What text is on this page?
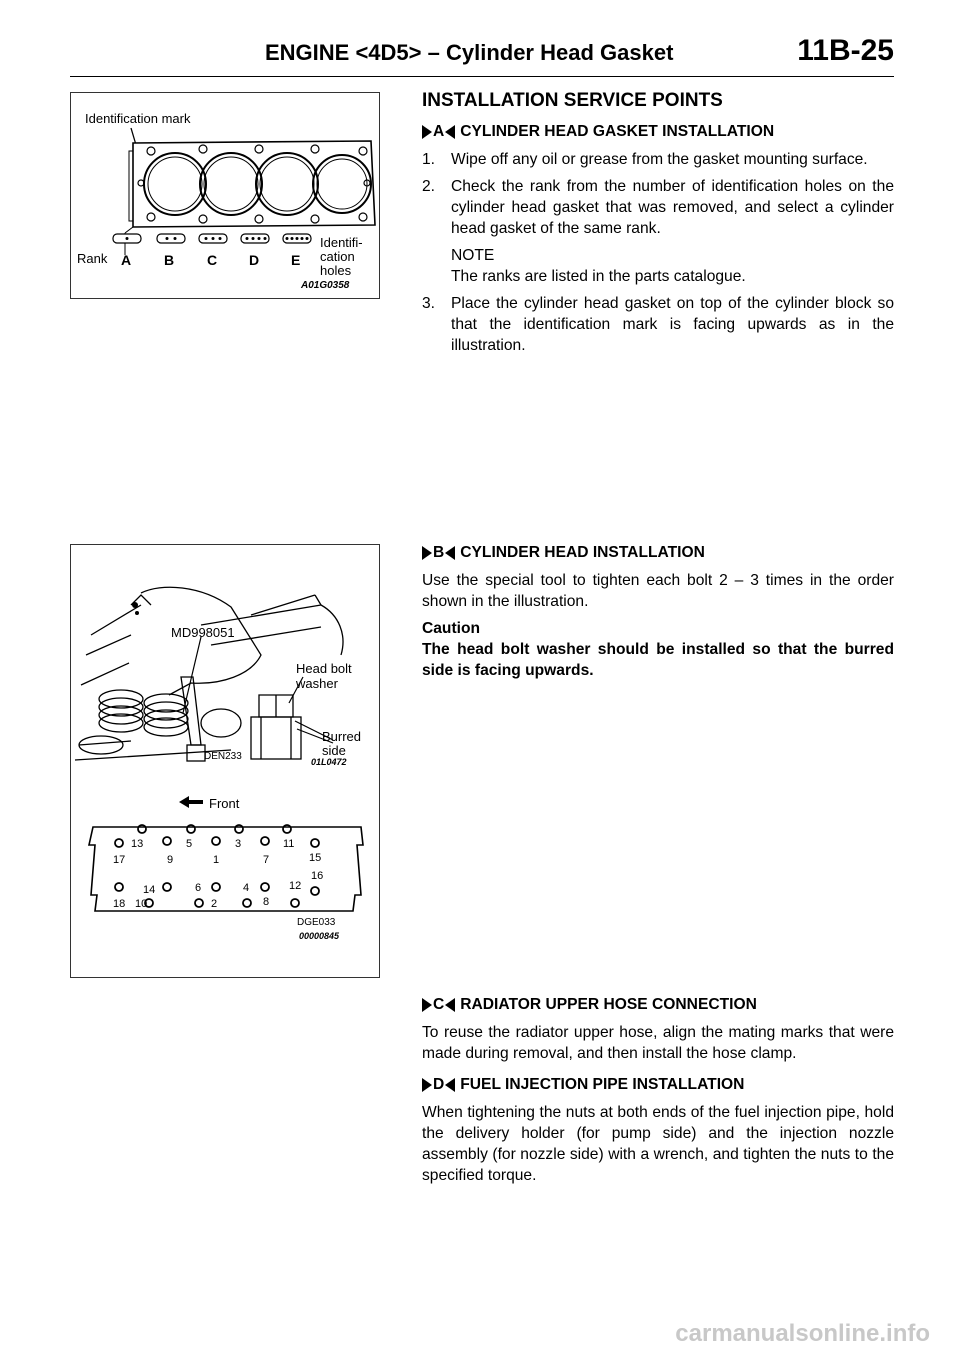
ENGINE <4D5> – Cylinder Head Gasket	11B-25
Identification mark
Rank A B C D E
Identifi-
cation
holes
A01G0358
MD998051
Head bolt
washer
Burred
side
DEN233	01L0472
Front
13	5	3	11
17	9	1	7	15
16
18
14
10
6
2
4
8
12
DGE033
00000845
INSTALLATION SERVICE POINTS
A CYLINDER HEAD GASKET INSTALLATION
1.	Wipe off any oil or grease from the gasket mounting surface.
2.	Check the rank from the number of identification holes on the cylinder head gasket that was removed, and select a cylinder head gasket of the same rank.
NOTE
The ranks are listed in the parts catalogue.
3.	Place the cylinder head gasket on top of the cylinder block so that the identification mark is facing upwards as in the illustration.
B CYLINDER HEAD INSTALLATION
Use the special tool to tighten each bolt 2 – 3 times in the order shown in the illustration.
Caution
The head bolt washer should be installed so that the burred side is facing upwards.
C RADIATOR UPPER HOSE CONNECTION
To reuse the radiator upper hose, align the mating marks that were made during removal, and then install the hose clamp.
D FUEL INJECTION PIPE INSTALLATION
When tightening the nuts at both ends of the fuel injection pipe, hold the delivery holder (for pump side) and the injection nozzle assembly (for nozzle side) with a wrench, and tighten the nuts to the specified torque.
carmanualsonline.info
